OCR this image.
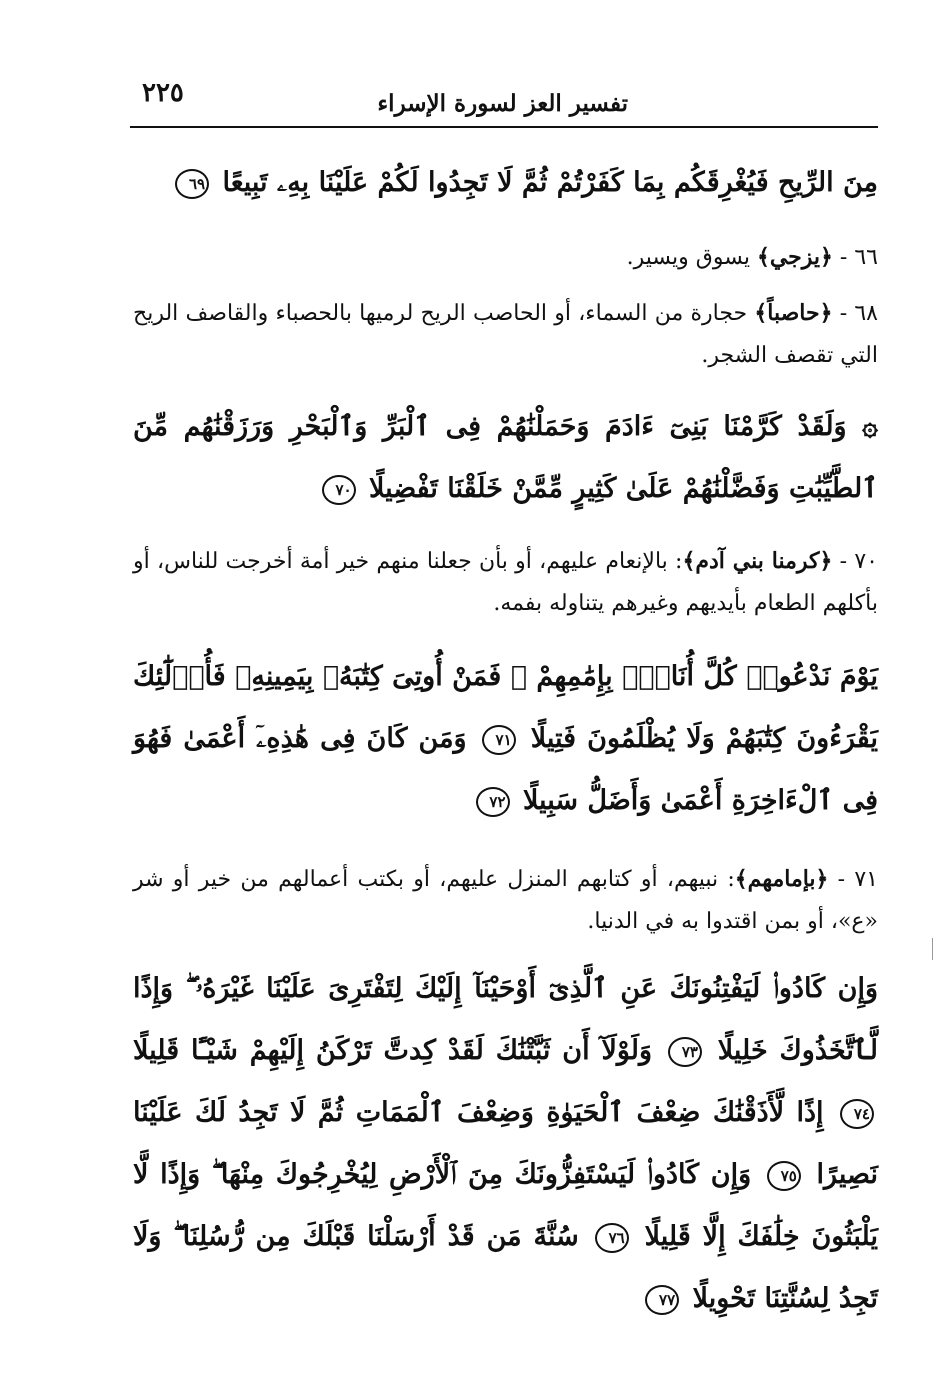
٢٢٥	تفسير العز لسورة الإسراء
مِنَ الرِّيحِ فَيُغْرِقَكُم بِمَا كَفَرْتُمْ ثُمَّ لَا تَجِدُوا لَكُمْ عَلَيْنَا بِهِۦ تَبِيعًا ٦٩
٦٦ - ﴿يزجي﴾ يسوق ويسير.
٦٨ - ﴿حاصباً﴾ حجارة من السماء، أو الحاصب الريح لرميها بالحصباء والقاصف الريح التي تقصف الشجر.
۞ وَلَقَدْ كَرَّمْنَا بَنِىٓ ءَادَمَ وَحَمَلْنَٰهُمْ فِى ٱلْبَرِّ وَٱلْبَحْرِ وَرَزَقْنَٰهُم مِّنَ ٱلطَّيِّبَٰتِ وَفَضَّلْنَٰهُمْ عَلَىٰ كَثِيرٍ مِّمَّنْ خَلَقْنَا تَفْضِيلًا ٧٠
٧٠ - ﴿كرمنا بني آدم﴾: بالإنعام عليهم، أو بأن جعلنا منهم خير أمة أخرجت للناس، أو بأكلهم الطعام بأيديهم وغيرهم يتناوله بفمه.
يَوْمَ نَدْعُوا۟ كُلَّ أُنَاسٍۭ بِإِمَٰمِهِمْ ۖ فَمَنْ أُوتِىَ كِتَٰبَهُۥ بِيَمِينِهِۦ فَأُو۟لَٰٓئِكَ يَقْرَءُونَ كِتَٰبَهُمْ وَلَا يُظْلَمُونَ فَتِيلًا ٧١ وَمَن كَانَ فِى هَٰذِهِۦٓ أَعْمَىٰ فَهُوَ فِى ٱلْءَاخِرَةِ أَعْمَىٰ وَأَضَلُّ سَبِيلًا ٧٢
٧١ - ﴿بإمامهم﴾: نبيهم، أو كتابهم المنزل عليهم، أو بكتب أعمالهم من خير أو شر «ع»، أو بمن اقتدوا به في الدنيا.
وَإِن كَادُوا۟ لَيَفْتِنُونَكَ عَنِ ٱلَّذِىٓ أَوْحَيْنَآ إِلَيْكَ لِتَفْتَرِىَ عَلَيْنَا غَيْرَهُۥ ۖ وَإِذًا لَّٱتَّخَذُوكَ خَلِيلًا ٧٣ وَلَوْلَآ أَن ثَبَّتْنَٰكَ لَقَدْ كِدتَّ تَرْكَنُ إِلَيْهِمْ شَيْـًٔا قَلِيلًا ٧٤ إِذًا لَّأَذَقْنَٰكَ ضِعْفَ ٱلْحَيَوٰةِ وَضِعْفَ ٱلْمَمَاتِ ثُمَّ لَا تَجِدُ لَكَ عَلَيْنَا نَصِيرًا ٧٥ وَإِن كَادُوا۟ لَيَسْتَفِزُّونَكَ مِنَ ٱلْأَرْضِ لِيُخْرِجُوكَ مِنْهَا ۖ وَإِذًا لَّا يَلْبَثُونَ خِلَٰفَكَ إِلَّا قَلِيلًا ٧٦ سُنَّةَ مَن قَدْ أَرْسَلْنَا قَبْلَكَ مِن رُّسُلِنَا ۖ وَلَا تَجِدُ لِسُنَّتِنَا تَحْوِيلًا ٧٧
